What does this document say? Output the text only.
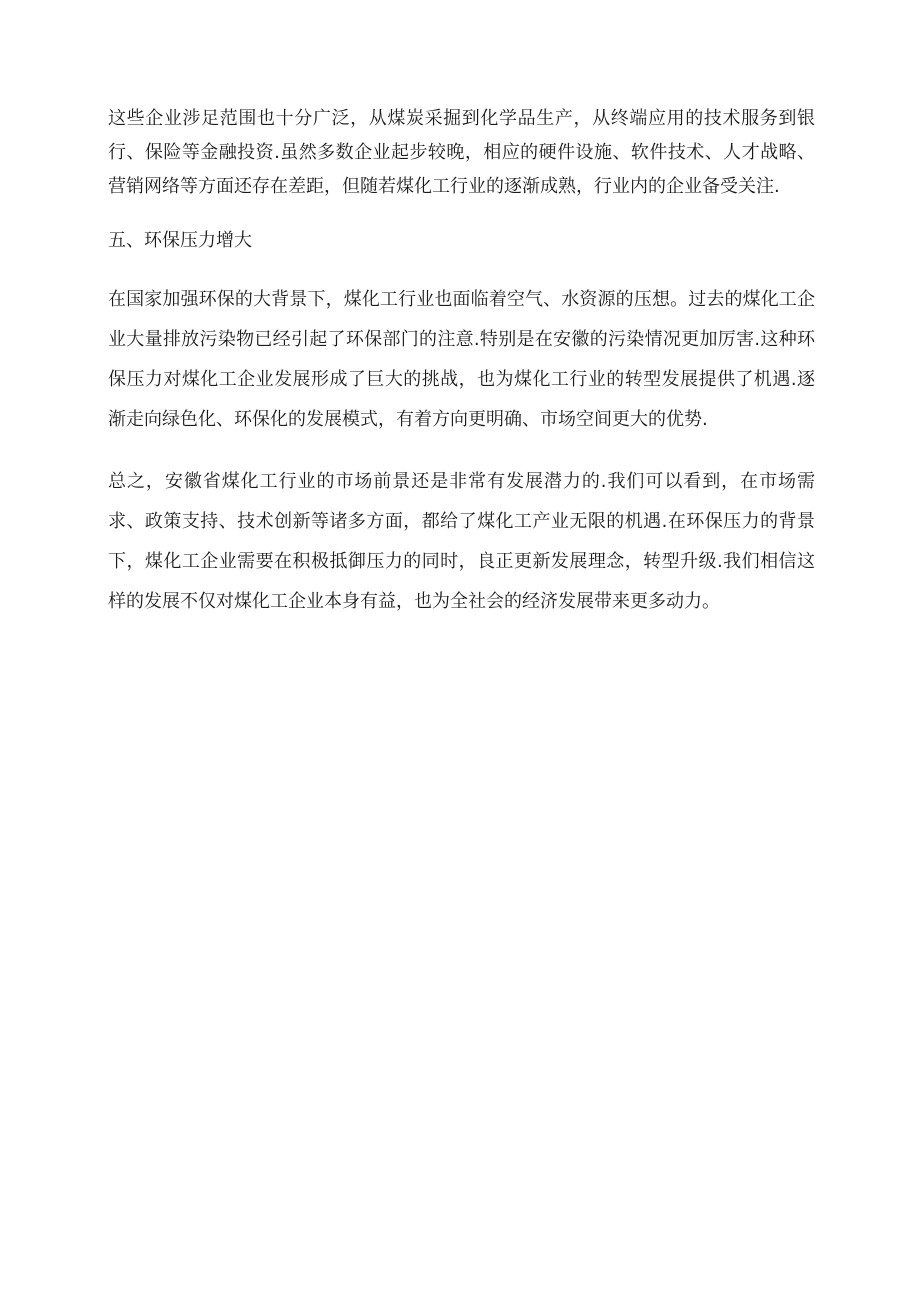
这些企业涉足范围也十分广泛，从煤炭采掘到化学品生产，从终端应用的技术服务到银行、保险等金融投资.虽然多数企业起步较晚，相应的硬件设施、软件技术、人才战略、营销网络等方面还存在差距，但随若煤化工行业的逐渐成熟，行业内的企业备受关注.

五、环保压力增大

在国家加强环保的大背景下，煤化工行业也面临着空气、水资源的压想。过去的煤化工企业大量排放污染物已经引起了环保部门的注意.特别是在安徽的污染情况更加厉害.这种环保压力对煤化工企业发展形成了巨大的挑战，也为煤化工行业的转型发展提供了机遇.逐渐走向绿色化、环保化的发展模式，有着方向更明确、市场空间更大的优势.

总之，安徽省煤化工行业的市场前景还是非常有发展潜力的.我们可以看到，在市场需求、政策支持、技术创新等诸多方面，都给了煤化工产业无限的机遇.在环保压力的背景下，煤化工企业需要在积极抵御压力的同时，良正更新发展理念，转型升级.我们相信这样的发展不仅对煤化工企业本身有益，也为全社会的经济发展带来更多动力。
